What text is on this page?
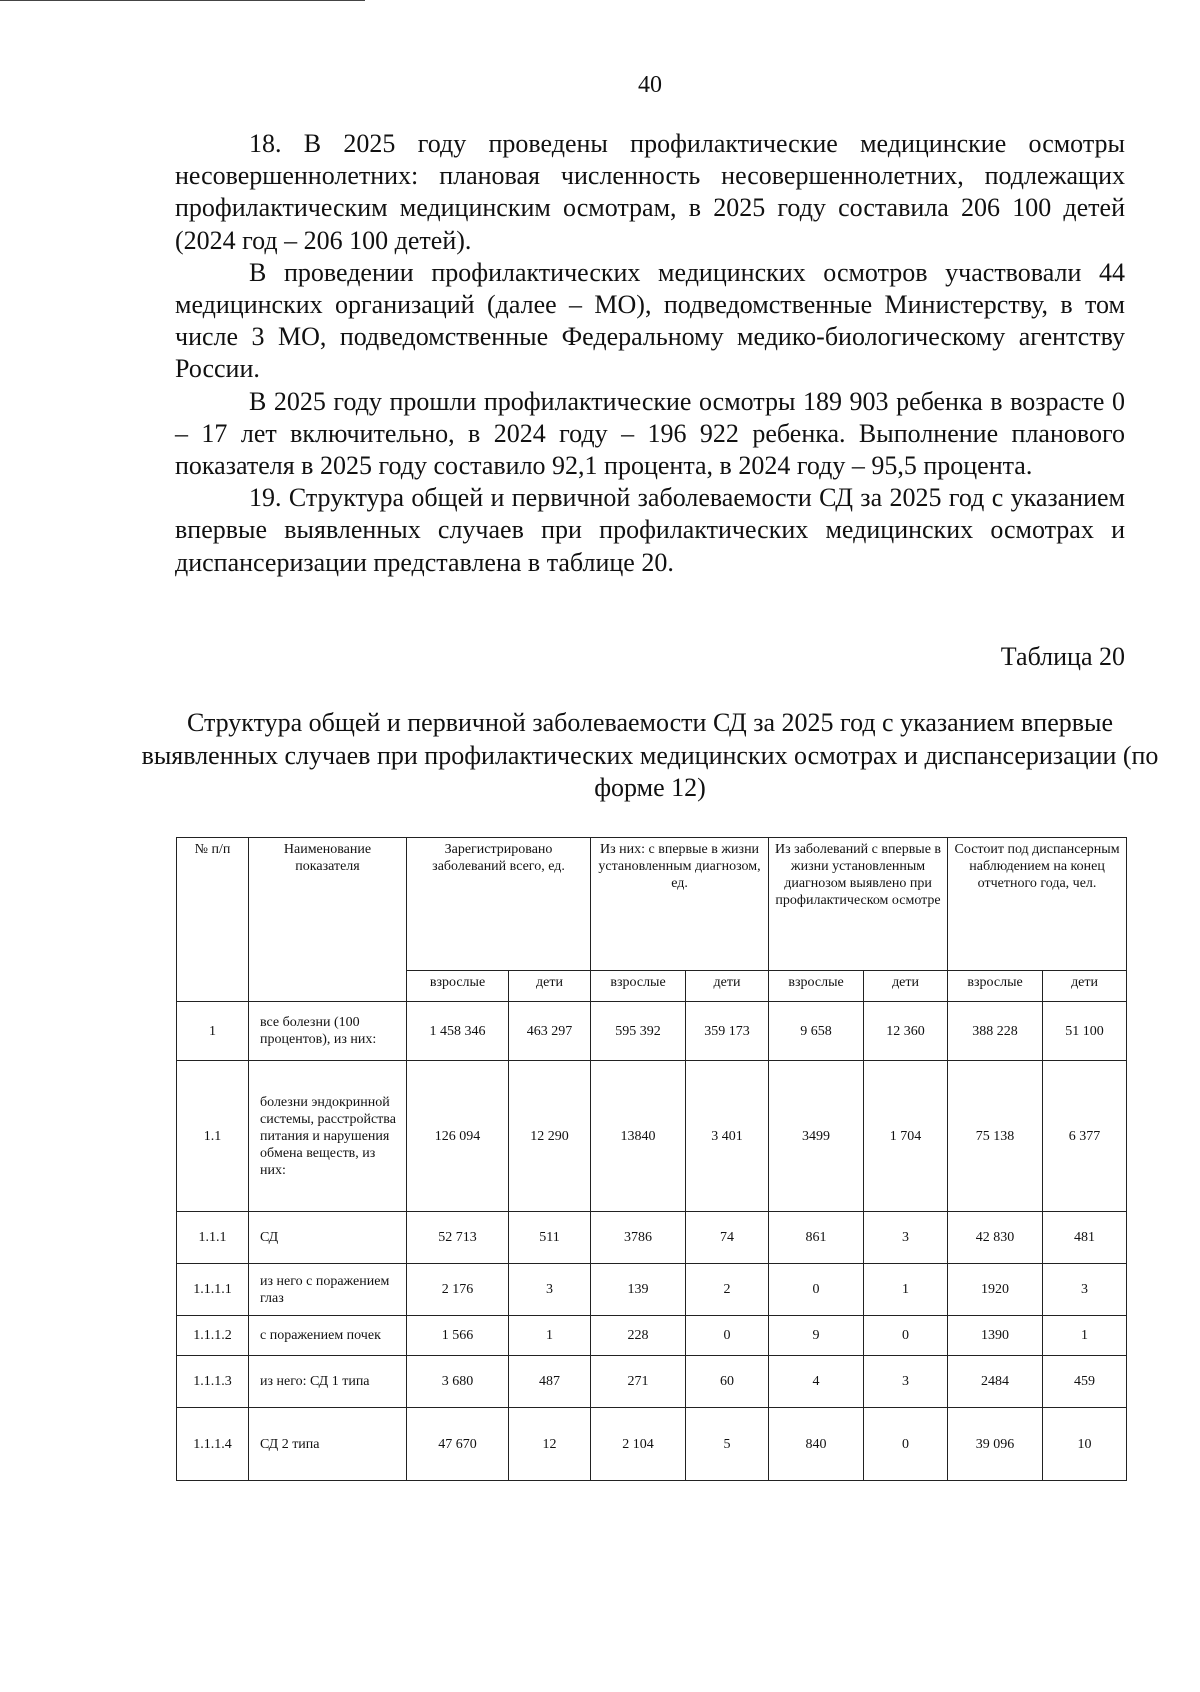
40

18. В 2025 году проведены профилактические медицинские осмотры несовершеннолетних: плановая численность несовершеннолетних, подлежащих профилактическим медицинским осмотрам, в 2025 году составила 206 100 детей (2024 год – 206 100 детей).

В проведении профилактических медицинских осмотров участвовали 44 медицинских организаций (далее – МО), подведомственные Министерству, в том числе 3 МО, подведомственные Федеральному медико-биологическому агентству России.

В 2025 году прошли профилактические осмотры 189 903 ребенка в возрасте 0 – 17 лет включительно, в 2024 году – 196 922 ребенка. Выполнение планового показателя в 2025 году составило 92,1 процента, в 2024 году – 95,5 процента.

19. Структура общей и первичной заболеваемости СД за 2025 год с указанием впервые выявленных случаев при профилактических медицинских осмотрах и диспансеризации представлена в таблице 20.

Таблица 20
Структура общей и первичной заболеваемости СД за 2025 год с указанием впервые выявленных случаев при профилактических медицинских осмотрах и диспансеризации (по форме 12)
№ п/п	Наименование показателя	Зарегистрировано заболеваний всего, ед.		Из них: с впервые в жизни установленным диагнозом, ед.		Из заболеваний с впервые в жизни установленным диагнозом выявлено при профилактическом осмотре		Состоит под диспансерным наблюдением на конец отчетного года, чел.	
		взрослые	дети	взрослые	дети	взрослые	дети	взрослые	дети
1	все болезни (100 процентов), из них:	1 458 346	463 297	595 392	359 173	9 658	12 360	388 228	51 100
1.1	болезни эндокринной системы, расстройства питания и нарушения обмена веществ, из них:	126 094	12 290	13840	3 401	3499	1 704	75 138	6 377
1.1.1	СД	52 713	511	3786	74	861	3	42 830	481
1.1.1.1	из него с поражением глаз	2 176	3	139	2	0	1	1920	3
1.1.1.2	с поражением почек	1 566	1	228	0	9	0	1390	1
1.1.1.3	из него: СД 1 типа	3 680	487	271	60	4	3	2484	459
1.1.1.4	СД 2 типа	47 670	12	2 104	5	840	0	39 096	10
